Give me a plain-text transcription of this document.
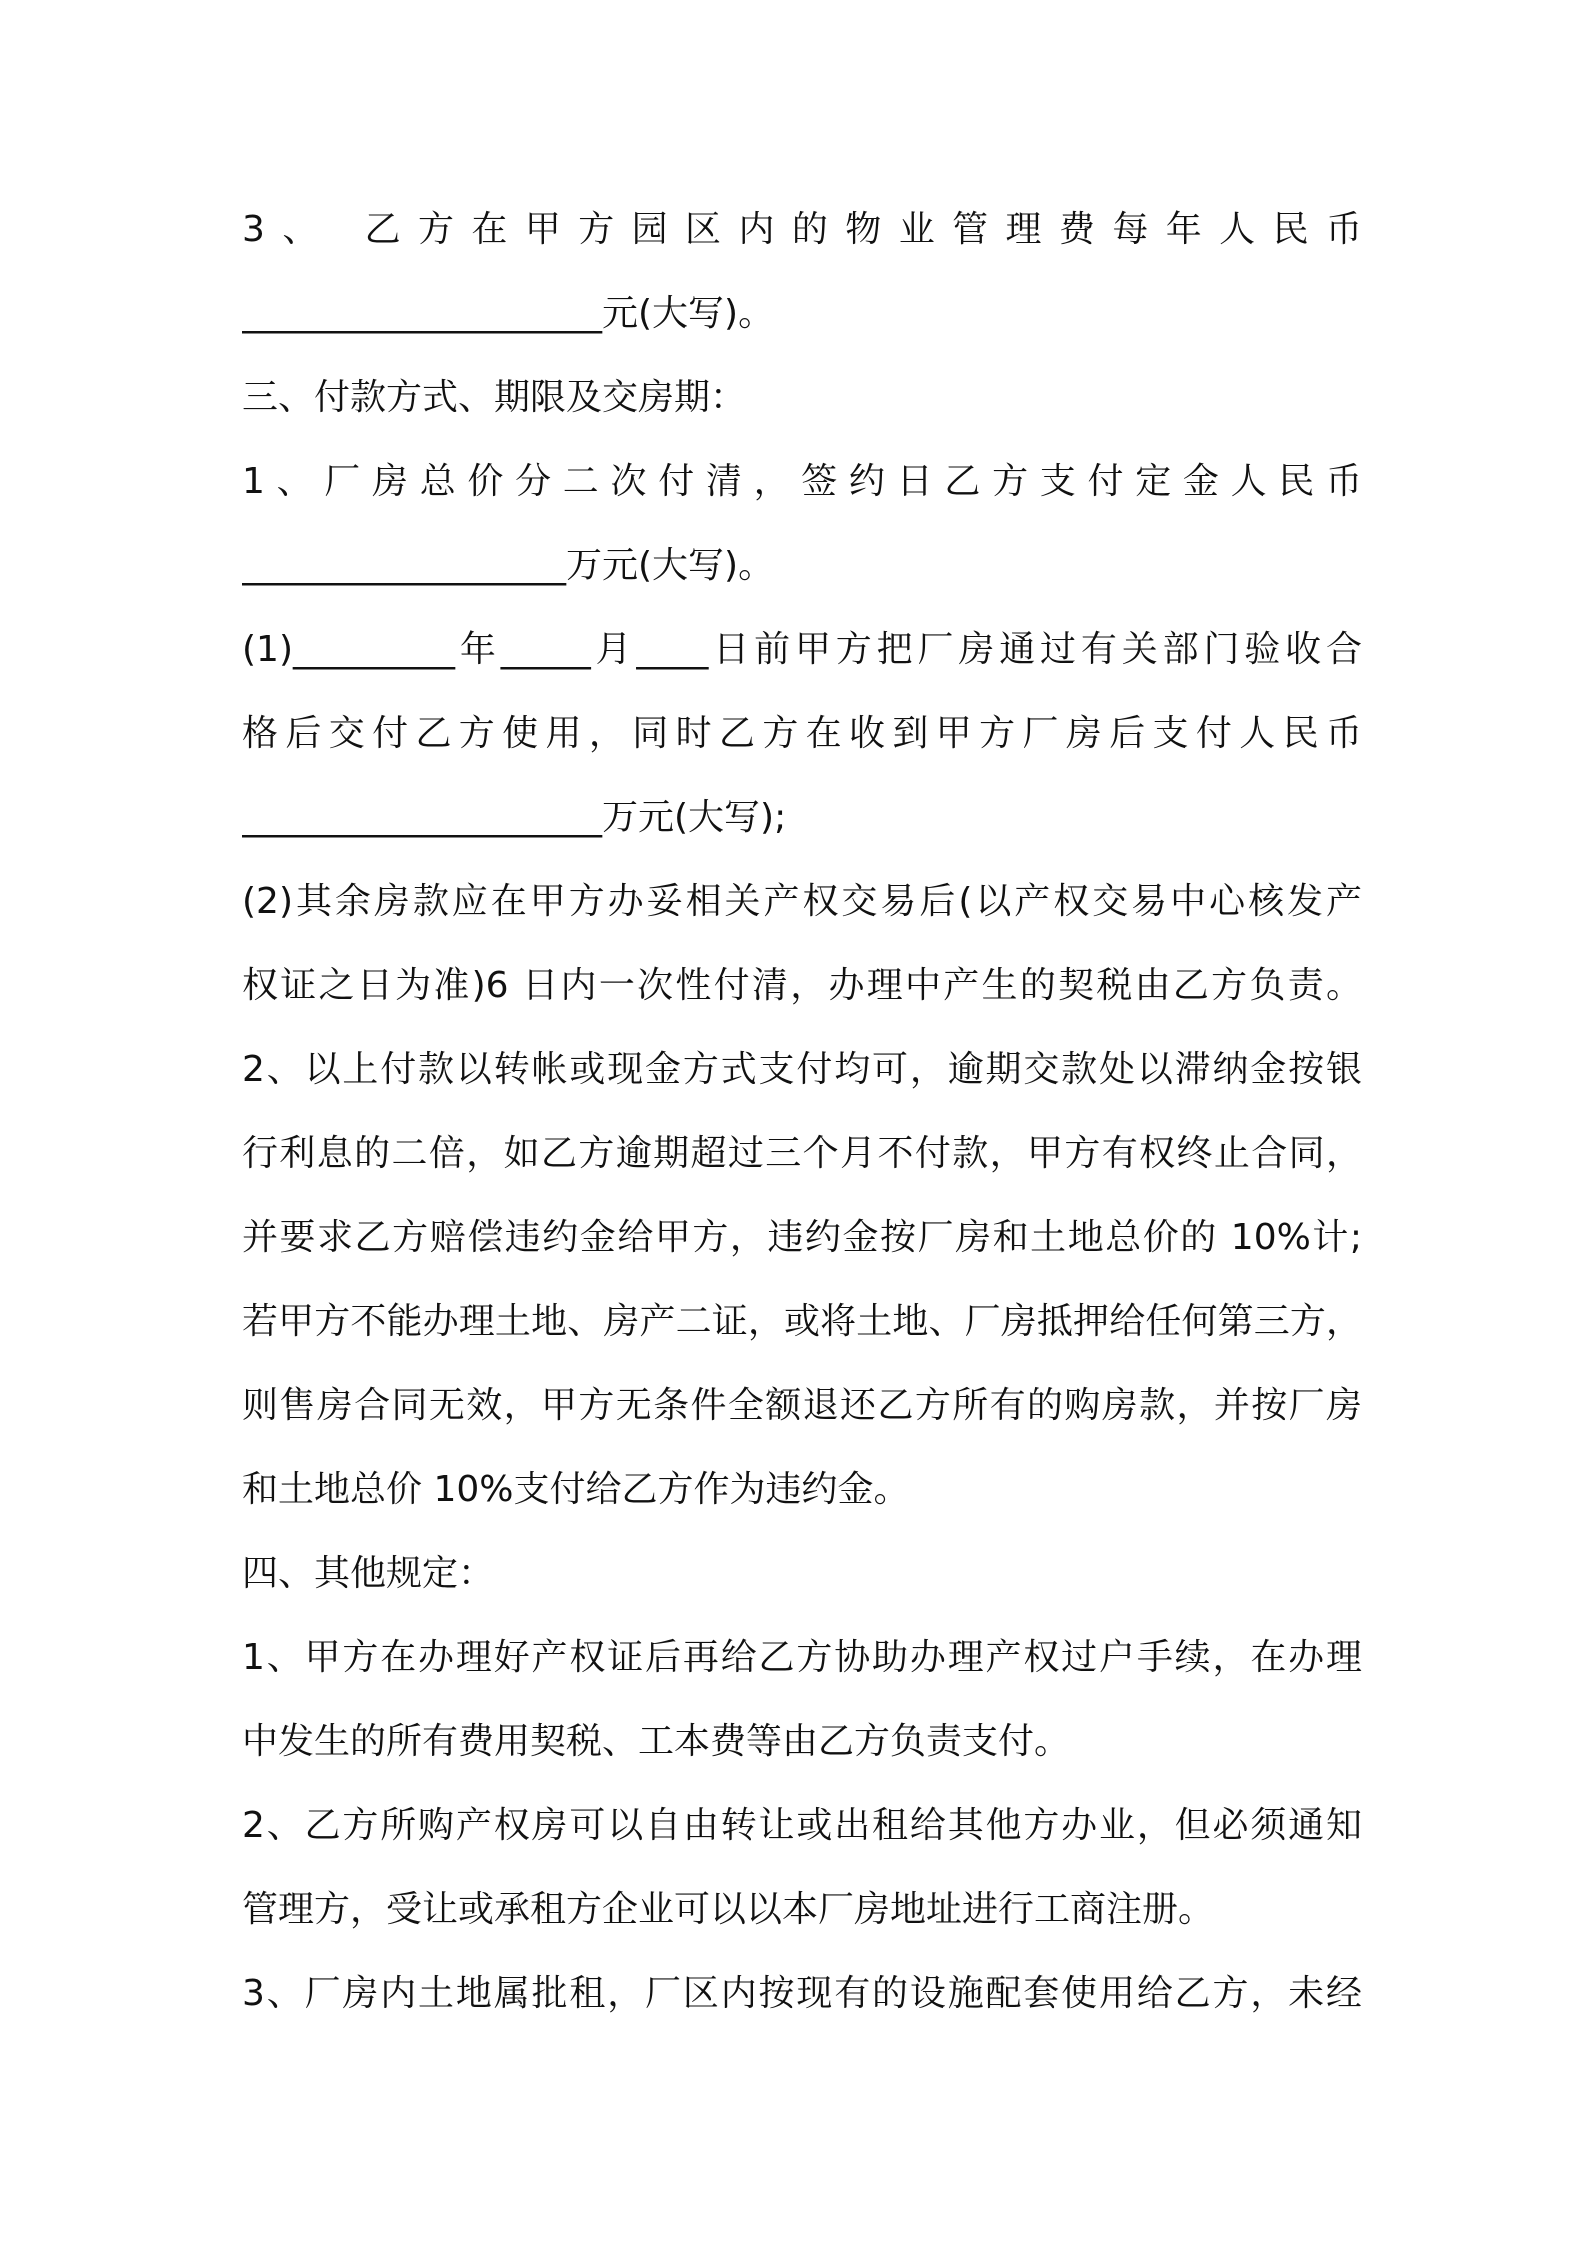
3、 乙方在甲方园区内的物业管理费每年人民币
____________________元(大写)。
三、付款方式、期限及交房期：
1、厂房总价分二次付清，签约日乙方支付定金人民币
__________________万元(大写)。
(1)_________年_____月____日前甲方把厂房通过有关部门验收合
格后交付乙方使用，同时乙方在收到甲方厂房后支付人民币
____________________万元(大写);
(2)其余房款应在甲方办妥相关产权交易后(以产权交易中心核发产
权证之日为准)6 日内一次性付清，办理中产生的契税由乙方负责。
2、以上付款以转帐或现金方式支付均可，逾期交款处以滞纳金按银
行利息的二倍，如乙方逾期超过三个月不付款，甲方有权终止合同，
并要求乙方赔偿违约金给甲方，违约金按厂房和土地总价的 10%计;
若甲方不能办理土地、房产二证，或将土地、厂房抵押给任何第三方，
则售房合同无效，甲方无条件全额退还乙方所有的购房款，并按厂房
和土地总价 10%支付给乙方作为违约金。
四、其他规定：
1、甲方在办理好产权证后再给乙方协助办理产权过户手续，在办理
中发生的所有费用契税、工本费等由乙方负责支付。
2、乙方所购产权房可以自由转让或出租给其他方办业，但必须通知
管理方，受让或承租方企业可以以本厂房地址进行工商注册。
3、厂房内土地属批租，厂区内按现有的设施配套使用给乙方，未经
